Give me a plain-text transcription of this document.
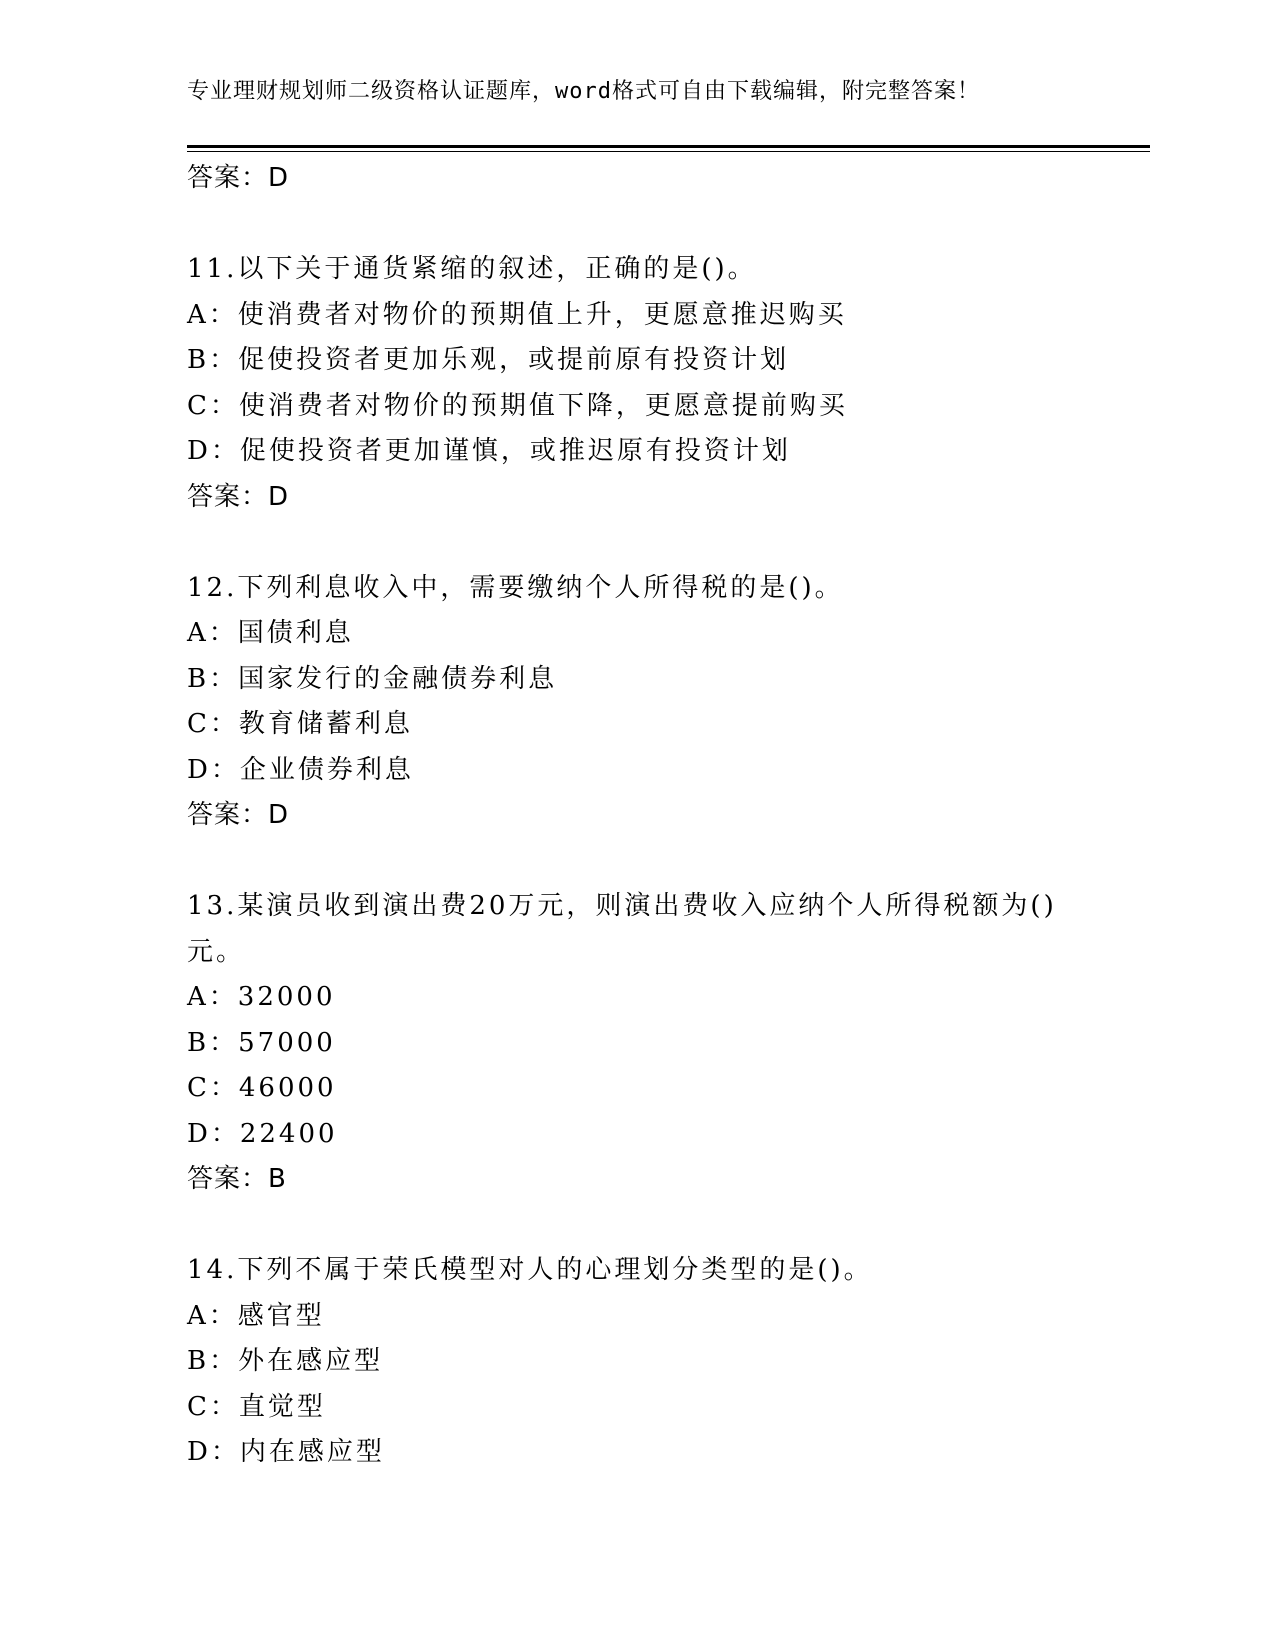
专业理财规划师二级资格认证题库，word格式可自由下载编辑，附完整答案！
答案：D
11.以下关于通货紧缩的叙述，正确的是()。
A：使消费者对物价的预期值上升，更愿意推迟购买
B：促使投资者更加乐观，或提前原有投资计划
C：使消费者对物价的预期值下降，更愿意提前购买
D：促使投资者更加谨慎，或推迟原有投资计划
答案：D
12.下列利息收入中，需要缴纳个人所得税的是()。
A：国债利息
B：国家发行的金融债券利息
C：教育储蓄利息
D：企业债券利息
答案：D
13.某演员收到演出费20万元，则演出费收入应纳个人所得税额为()元。
A：32000
B：57000
C：46000
D：22400
答案：B
14.下列不属于荣氏模型对人的心理划分类型的是()。
A：感官型
B：外在感应型
C：直觉型
D：内在感应型
